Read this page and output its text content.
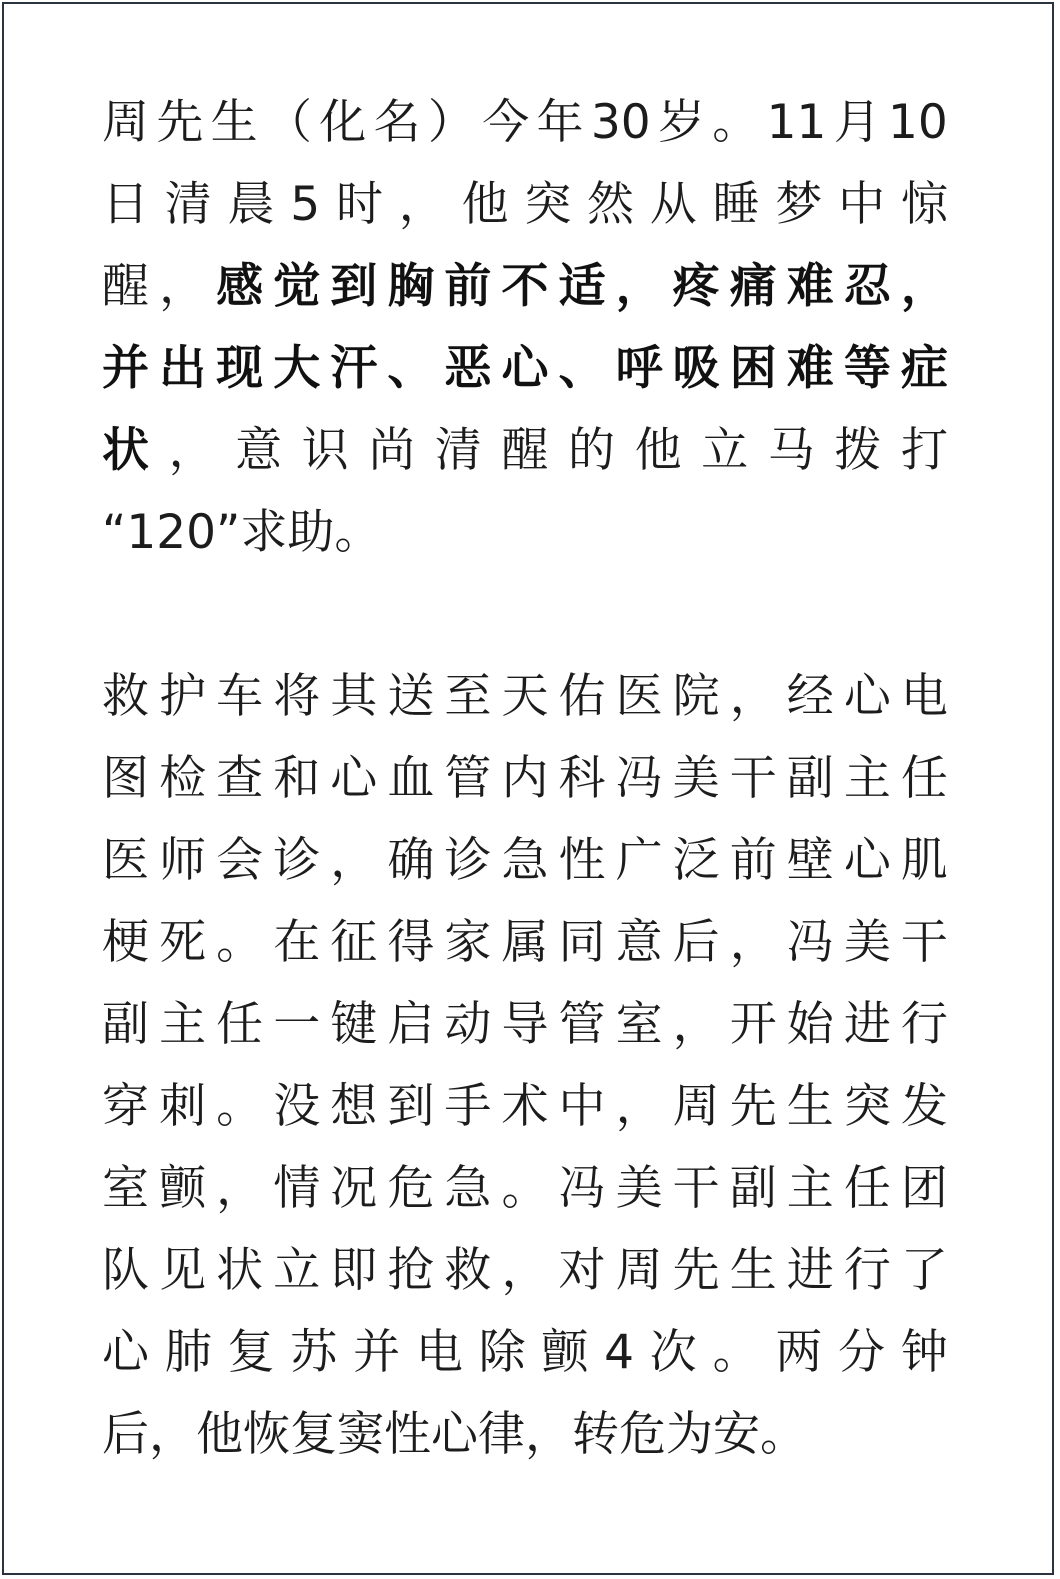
周 先 生 （ 化 名 ） 今 年 30 岁 。 11 月 10
日 清 晨 5 时 ， 他 突 然 从 睡 梦 中 惊
醒 ， 感 觉 到 胸 前 不 适 ， 疼 痛 难 忍 ，
并 出 现 大 汗 、 恶 心 、 呼 吸 困 难 等 症
状 ， 意 识 尚 清 醒 的 他 立 马 拨 打
“120”求助。
救 护 车 将 其 送 至 天 佑 医 院 ， 经 心 电
图 检 查 和 心 血 管 内 科 冯 美 干 副 主 任
医 师 会 诊 ， 确 诊 急 性 广 泛 前 壁 心 肌
梗 死 。 在 征 得 家 属 同 意 后 ， 冯 美 干
副 主 任 一 键 启 动 导 管 室 ， 开 始 进 行
穿 刺 。 没 想 到 手 术 中 ， 周 先 生 突 发
室 颤 ， 情 况 危 急 。 冯 美 干 副 主 任 团
队 见 状 立 即 抢 救 ， 对 周 先 生 进 行 了
心 肺 复 苏 并 电 除 颤 4 次 。 两 分 钟
后，他恢复窦性心律，转危为安。
